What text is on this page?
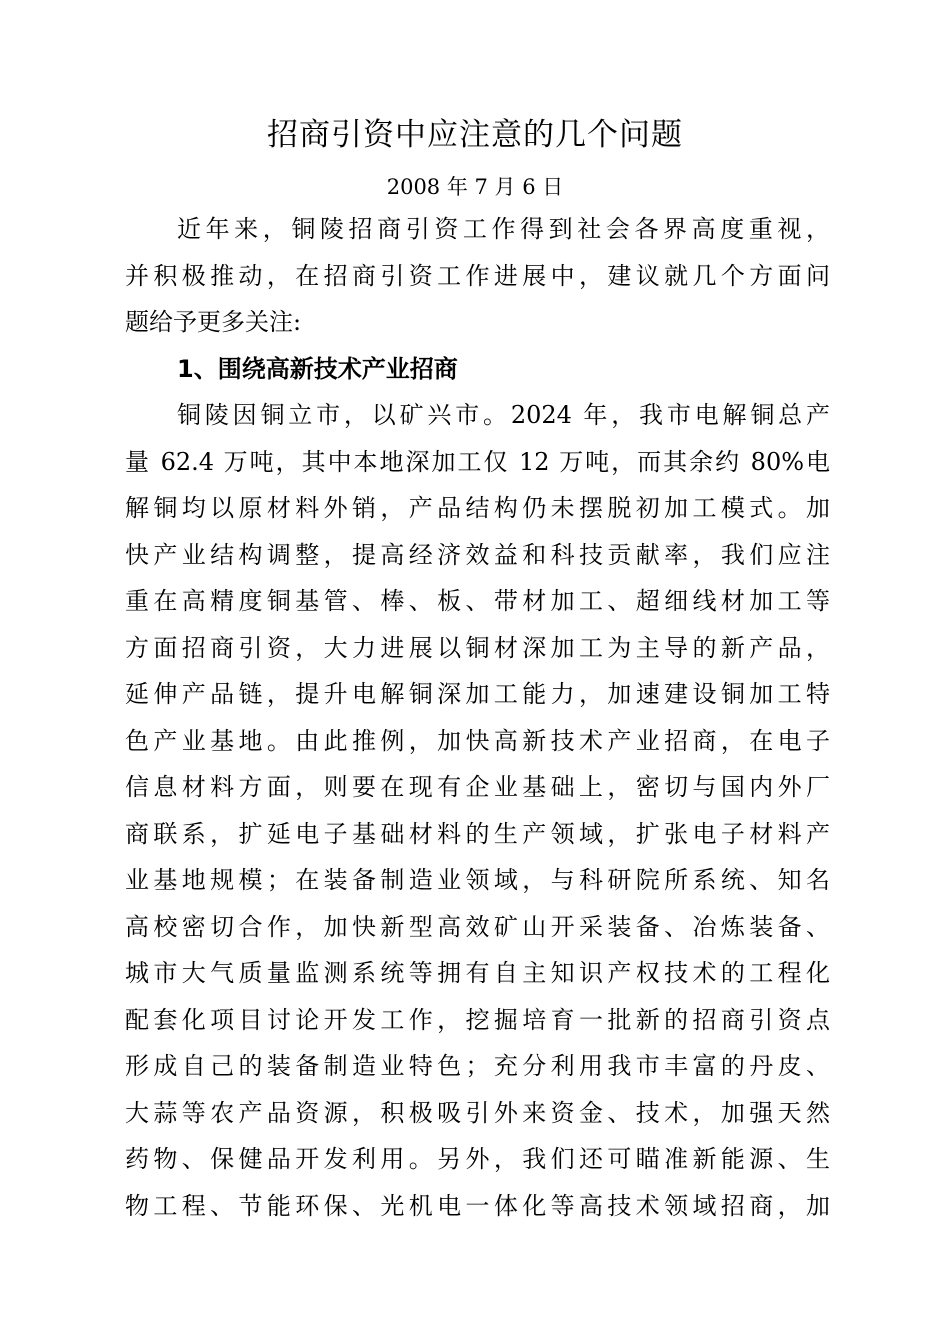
招商引资中应注意的几个问题
2008 年 7 月 6 日
近年来，铜陵招商引资工作得到社会各界高度重视，
并积极推动，在招商引资工作进展中，建议就几个方面问
题给予更多关注:
1、围绕高新技术产业招商
铜陵因铜立市，以矿兴市。2024 年，我市电解铜总产
量 62.4 万吨，其中本地深加工仅 12 万吨，而其余约 80%电
解铜均以原材料外销，产品结构仍未摆脱初加工模式。加
快产业结构调整，提高经济效益和科技贡献率，我们应注
重在高精度铜基管、棒、板、带材加工、超细线材加工等
方面招商引资，大力进展以铜材深加工为主导的新产品，
延伸产品链，提升电解铜深加工能力，加速建设铜加工特
色产业基地。由此推例，加快高新技术产业招商，在电子
信息材料方面，则要在现有企业基础上，密切与国内外厂
商联系，扩延电子基础材料的生产领域，扩张电子材料产
业基地规模；在装备制造业领域，与科研院所系统、知名
高校密切合作，加快新型高效矿山开采装备、冶炼装备、
城市大气质量监测系统等拥有自主知识产权技术的工程化
配套化项目讨论开发工作，挖掘培育一批新的招商引资点
形成自己的装备制造业特色；充分利用我市丰富的丹皮、
大蒜等农产品资源，积极吸引外来资金、技术，加强天然
药物、保健品开发利用。另外，我们还可瞄准新能源、生
物工程、节能环保、光机电一体化等高技术领域招商，加
